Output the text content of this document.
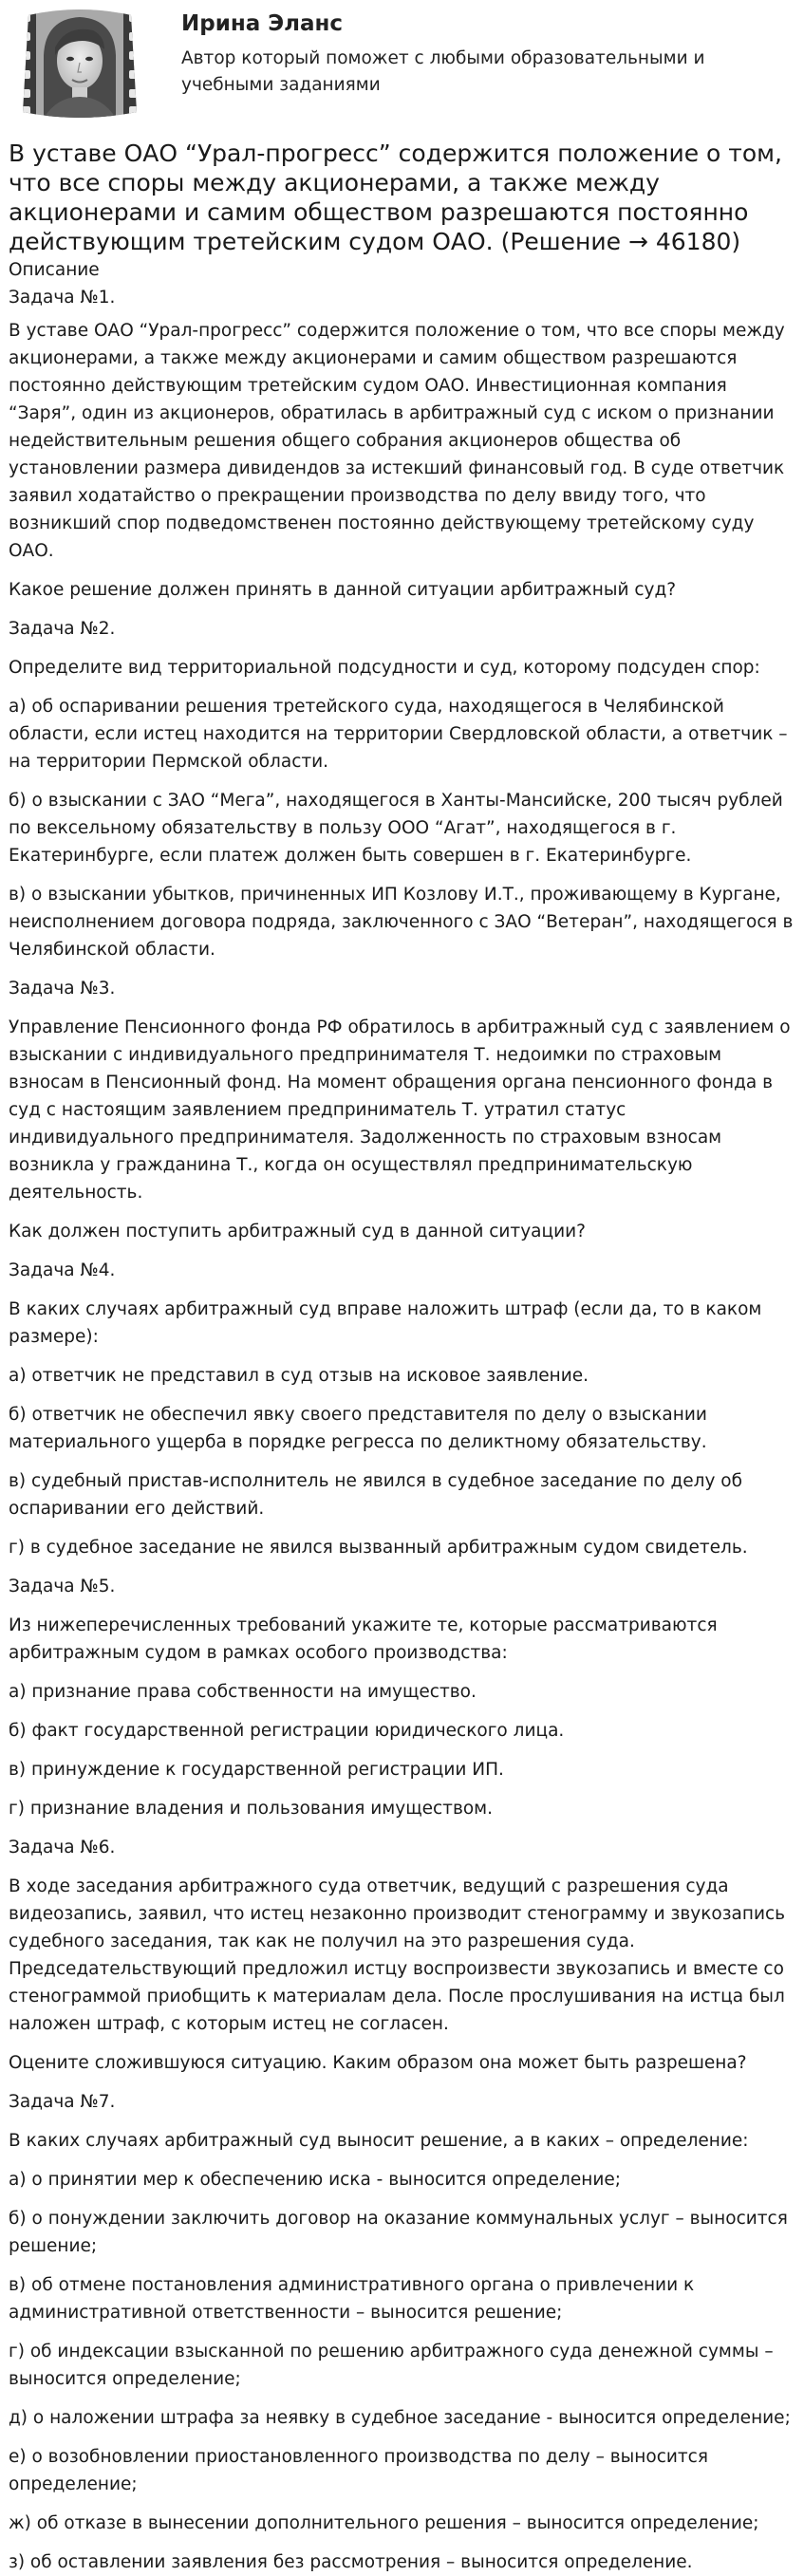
Ирина Эланс
Автор который поможет с любыми образовательными и учебными заданиями
В уставе ОАО “Урал-прогресс” содержится положение о том, что все споры между акционерами, а также между акционерами и самим обществом разрешаются постоянно действующим третейским судом ОАО. (Решение → 46180)
Описание
Задача №1.

В уставе ОАО “Урал-прогресс” содержится положение о том, что все споры между акционерами, а также между акционерами и самим обществом разрешаются постоянно действующим третейским судом ОАО. Инвестиционная компания “Заря”, один из акционеров, обратилась в арбитражный суд с иском о признании недействительным решения общего собрания акционеров общества об установлении размера дивидендов за истекший финансовый год. В суде ответчик заявил ходатайство о прекращении производства по делу ввиду того, что возникший спор подведомственен постоянно действующему третейскому суду ОАО.

Какое решение должен принять в данной ситуации арбитражный суд?

Задача №2.

Определите вид территориальной подсудности и суд, которому подсуден спор:

а) об оспаривании решения третейского суда, находящегося в Челябинской области, если истец находится на территории Свердловской области, а ответчик – на территории Пермской области.

б) о взыскании с ЗАО “Мега”, находящегося в Ханты-Мансийске, 200 тысяч рублей по вексельному обязательству в пользу ООО “Агат”, находящегося в г. Екатеринбурге, если платеж должен быть совершен в г. Екатеринбурге.

в) о взыскании убытков, причиненных ИП Козлову И.Т., проживающему в Кургане, неисполнением договора подряда, заключенного с ЗАО “Ветеран”, находящегося в Челябинской области.

Задача №3.

Управление Пенсионного фонда РФ обратилось в арбитражный суд с заявлением о взыскании с индивидуального предпринимателя Т. недоимки по страховым взносам в Пенсионный фонд. На момент обращения органа пенсионного фонда в суд с настоящим заявлением предприниматель Т. утратил статус индивидуального предпринимателя. Задолженность по страховым взносам возникла у гражданина Т., когда он осуществлял предпринимательскую деятельность.

Как должен поступить арбитражный суд в данной ситуации?

Задача №4.

В каких случаях арбитражный суд вправе наложить штраф (если да, то в каком размере):

а) ответчик не представил в суд отзыв на исковое заявление.

б) ответчик не обеспечил явку своего представителя по делу о взыскании материального ущерба в порядке регресса по деликтному обязательству.

в) судебный пристав-исполнитель не явился в судебное заседание по делу об оспаривании его действий.

г) в судебное заседание не явился вызванный арбитражным судом свидетель.

Задача №5.

Из нижеперечисленных требований укажите те, которые рассматриваются арбитражным судом в рамках особого производства:

а) признание права собственности на имущество.

б) факт государственной регистрации юридического лица.

в) принуждение к государственной регистрации ИП.

г) признание владения и пользования имуществом.

Задача №6.

В ходе заседания арбитражного суда ответчик, ведущий с разрешения суда видеозапись, заявил, что истец незаконно производит стенограмму и звукозапись судебного заседания, так как не получил на это разрешения суда. Председательствующий предложил истцу воспроизвести звукозапись и вместе со стенограммой приобщить к материалам дела. После прослушивания на истца был наложен штраф, с которым истец не согласен.

Оцените сложившуюся ситуацию. Каким образом она может быть разрешена?

Задача №7.

В каких случаях арбитражный суд выносит решение, а в каких – определение:

а) о принятии мер к обеспечению иска - выносится определение;

б) о понуждении заключить договор на оказание коммунальных услуг – выносится решение;

в) об отмене постановления административного органа о привлечении к административной ответственности – выносится решение;

г) об индексации взысканной по решению арбитражного суда денежной суммы – выносится определение;

д) о наложении штрафа за неявку в судебное заседание - выносится определение;

е) о возобновлении приостановленного производства по делу – выносится определение;

ж) об отказе в вынесении дополнительного решения – выносится определение;

з) об оставлении заявления без рассмотрения – выносится определение.
